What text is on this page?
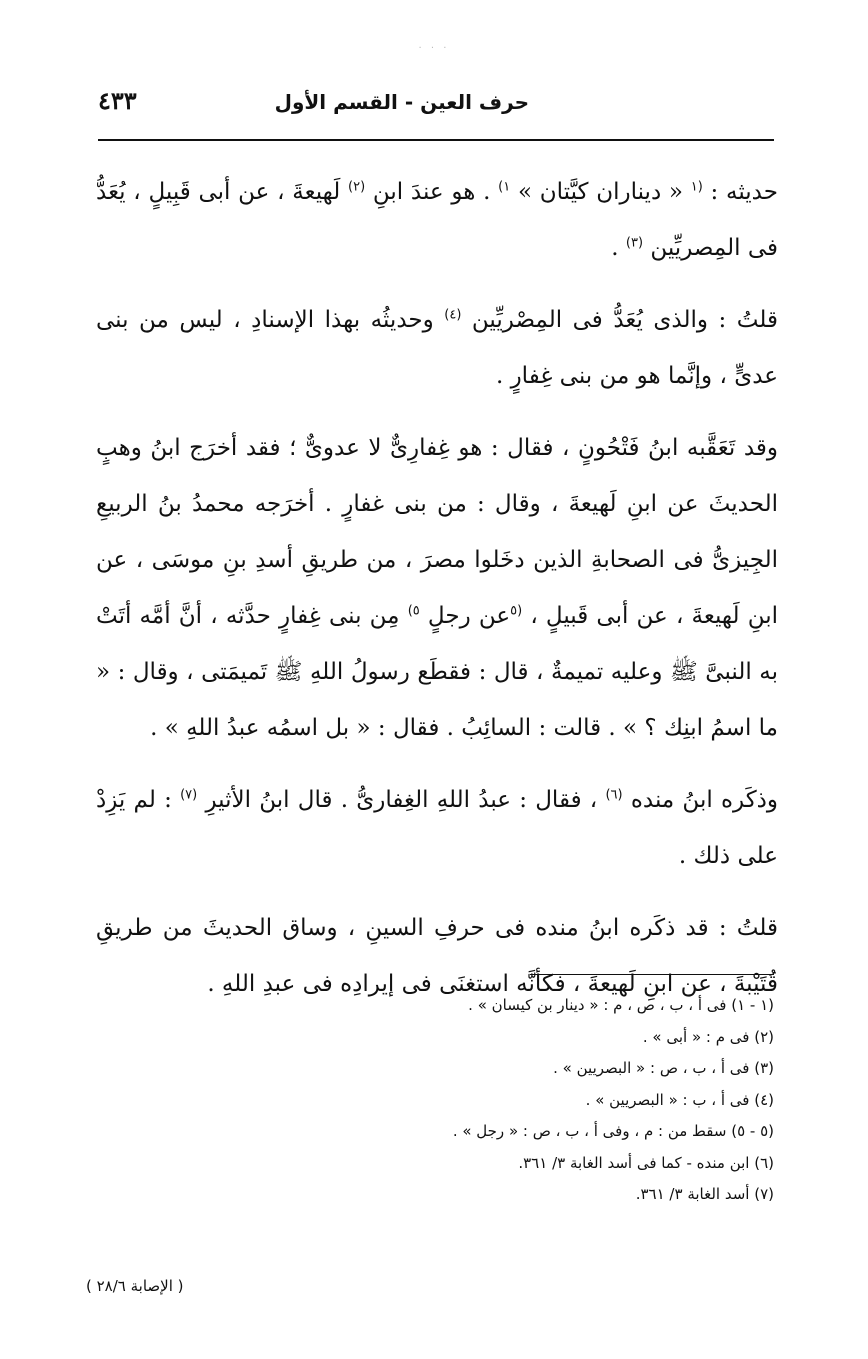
. . .
حرف العين - القسم الأول
٤٣٣

حديثه : $^{(١}$ « ديناران كيَّتان » $^{١)}$ . هو عندَ ابنِ $^{(٢)}$ لَهيعةَ ، عن أبى قَبِيلٍ ، يُعَدُّ فى المِصريِّين $^{(٣)}$ .

قلتُ : والذى يُعَدُّ فى المِصْريِّين $^{(٤)}$ وحديثُه بهذا الإسنادِ ، ليس من بنى عدىٍّ ، وإنَّما هو من بنى غِفارٍ .

وقد تَعَقَّبه ابنُ فَتْحُونٍ ، فقال : هو غِفارِىٌّ لا عدوىٌّ ؛ فقد أخرَج ابنُ وهبٍ الحديثَ عن ابنِ لَهيعةَ ، وقال : من بنى غفارٍ . أخرَجه محمدُ بنُ الربيعِ الجِيزىُّ فى الصحابةِ الذين دخَلوا مصرَ ، من طريقِ أسدِ بنِ موسَى ، عن ابنِ لَهيعةَ ، عن أبى قَبيلٍ ، $^{(٥}$عن رجلٍ $^{٥)}$ مِن بنى غِفارٍ حدَّثه ، أنَّ أمَّه أتَتْ به النبىَّ ﷺ وعليه تميمةٌ ، قال : فقطَع رسولُ اللهِ ﷺ تَميمَتى ، وقال : « ما اسمُ ابنِك ؟ » . قالت : السائِبُ . فقال : « بل اسمُه عبدُ اللهِ » .

وذكَره ابنُ منده $^{(٦)}$ ، فقال : عبدُ اللهِ الغِفارىُّ . قال ابنُ الأثيرِ $^{(٧)}$ : لم يَزِدْ على ذلك .

قلتُ : قد ذكَره ابنُ منده فى حرفِ السينِ ، وساق الحديثَ من طريقِ قُتَيْبةَ ، عن ابنِ لَهيعةَ ، فكأنَّه استغنَى فى إيرادِه فى عبدِ اللهِ .

(١ - ١) فى أ ، ب ، ص ، م : « دينار بن كيسان » .
(٢) فى م : « أبى » .
(٣) فى أ ، ب ، ص : « البصريين » .
(٤) فى أ ، ب : « البصريين » .
(٥ - ٥) سقط من : م ، وفى أ ، ب ، ص : « رجل » .
(٦) ابن منده - كما فى أسد الغابة ٣/ ٣٦١.
(٧) أسد الغابة ٣/ ٣٦١.
( الإصابة ٢٨/٦ )
